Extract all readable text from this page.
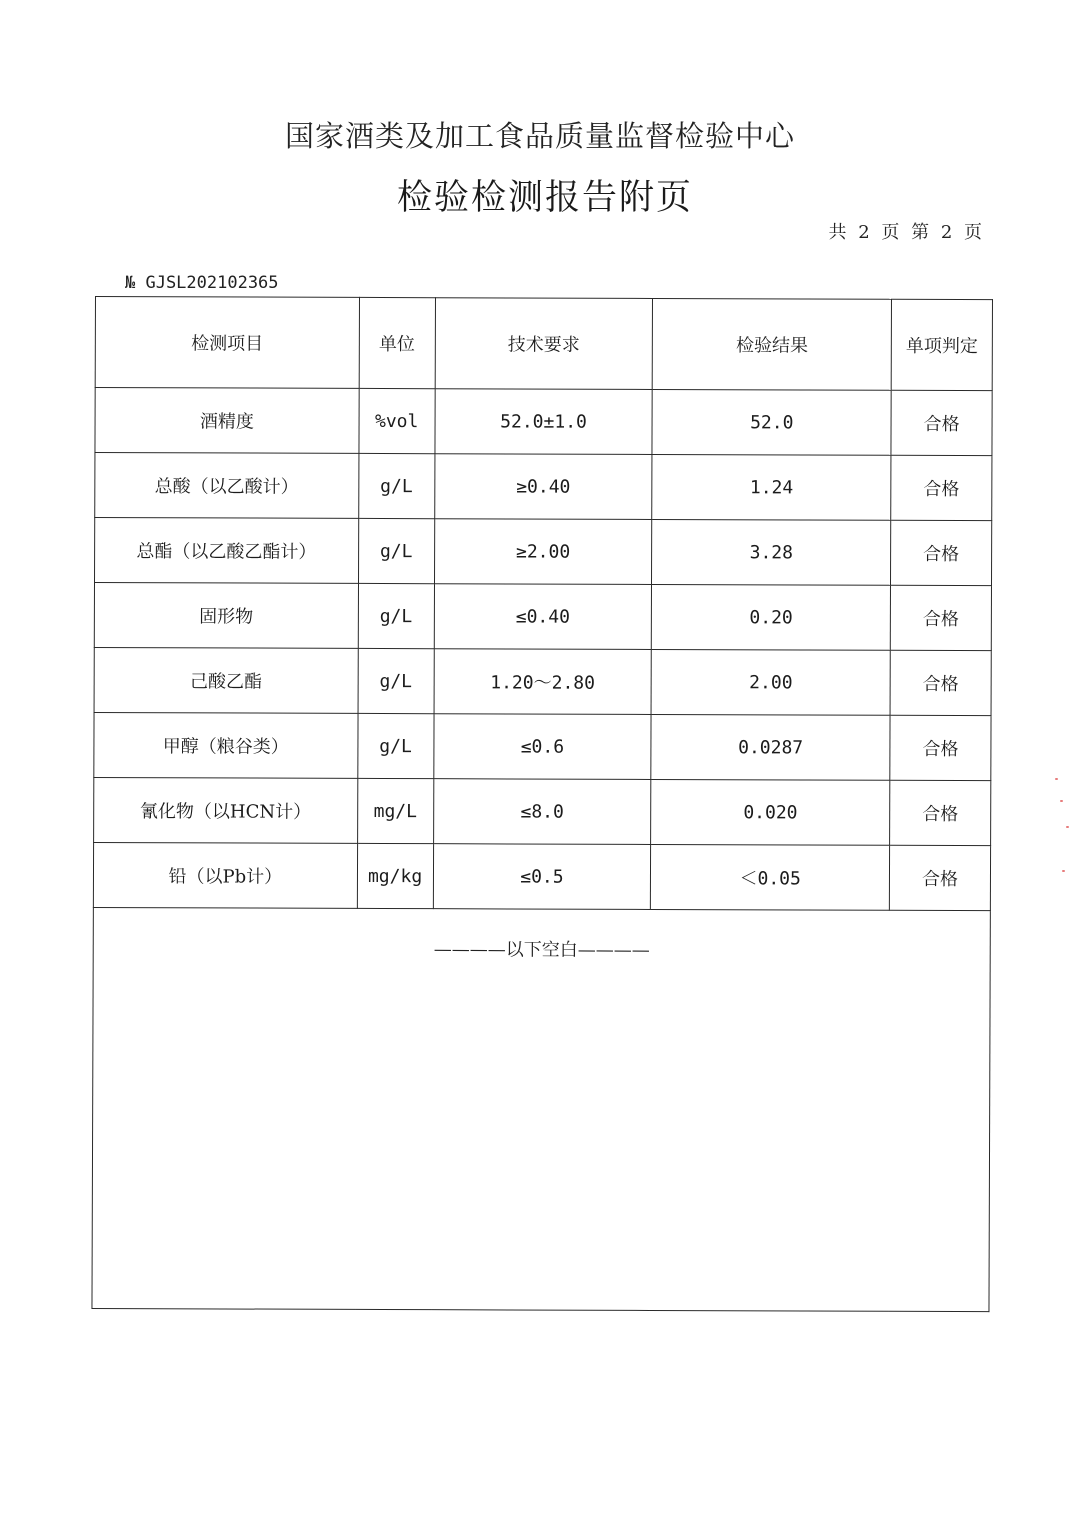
国家酒类及加工食品质量监督检验中心
检验检测报告附页
共 2 页 第 2 页
№ GJSL202102365
检测项目	单位	技术要求	检验结果	单项判定
酒精度	%vol	52.0±1.0	52.0	合格
总酸（以乙酸计）	g/L	≥0.40	1.24	合格
总酯（以乙酸乙酯计）	g/L	≥2.00	3.28	合格
固形物	g/L	≤0.40	0.20	合格
己酸乙酯	g/L	1.20～2.80	2.00	合格
甲醇（粮谷类）	g/L	≤0.6	0.0287	合格
氰化物（以HCN计）	mg/L	≤8.0	0.020	合格
铅（以Pb计）	mg/kg	≤0.5	＜0.05	合格

————以下空白————				
